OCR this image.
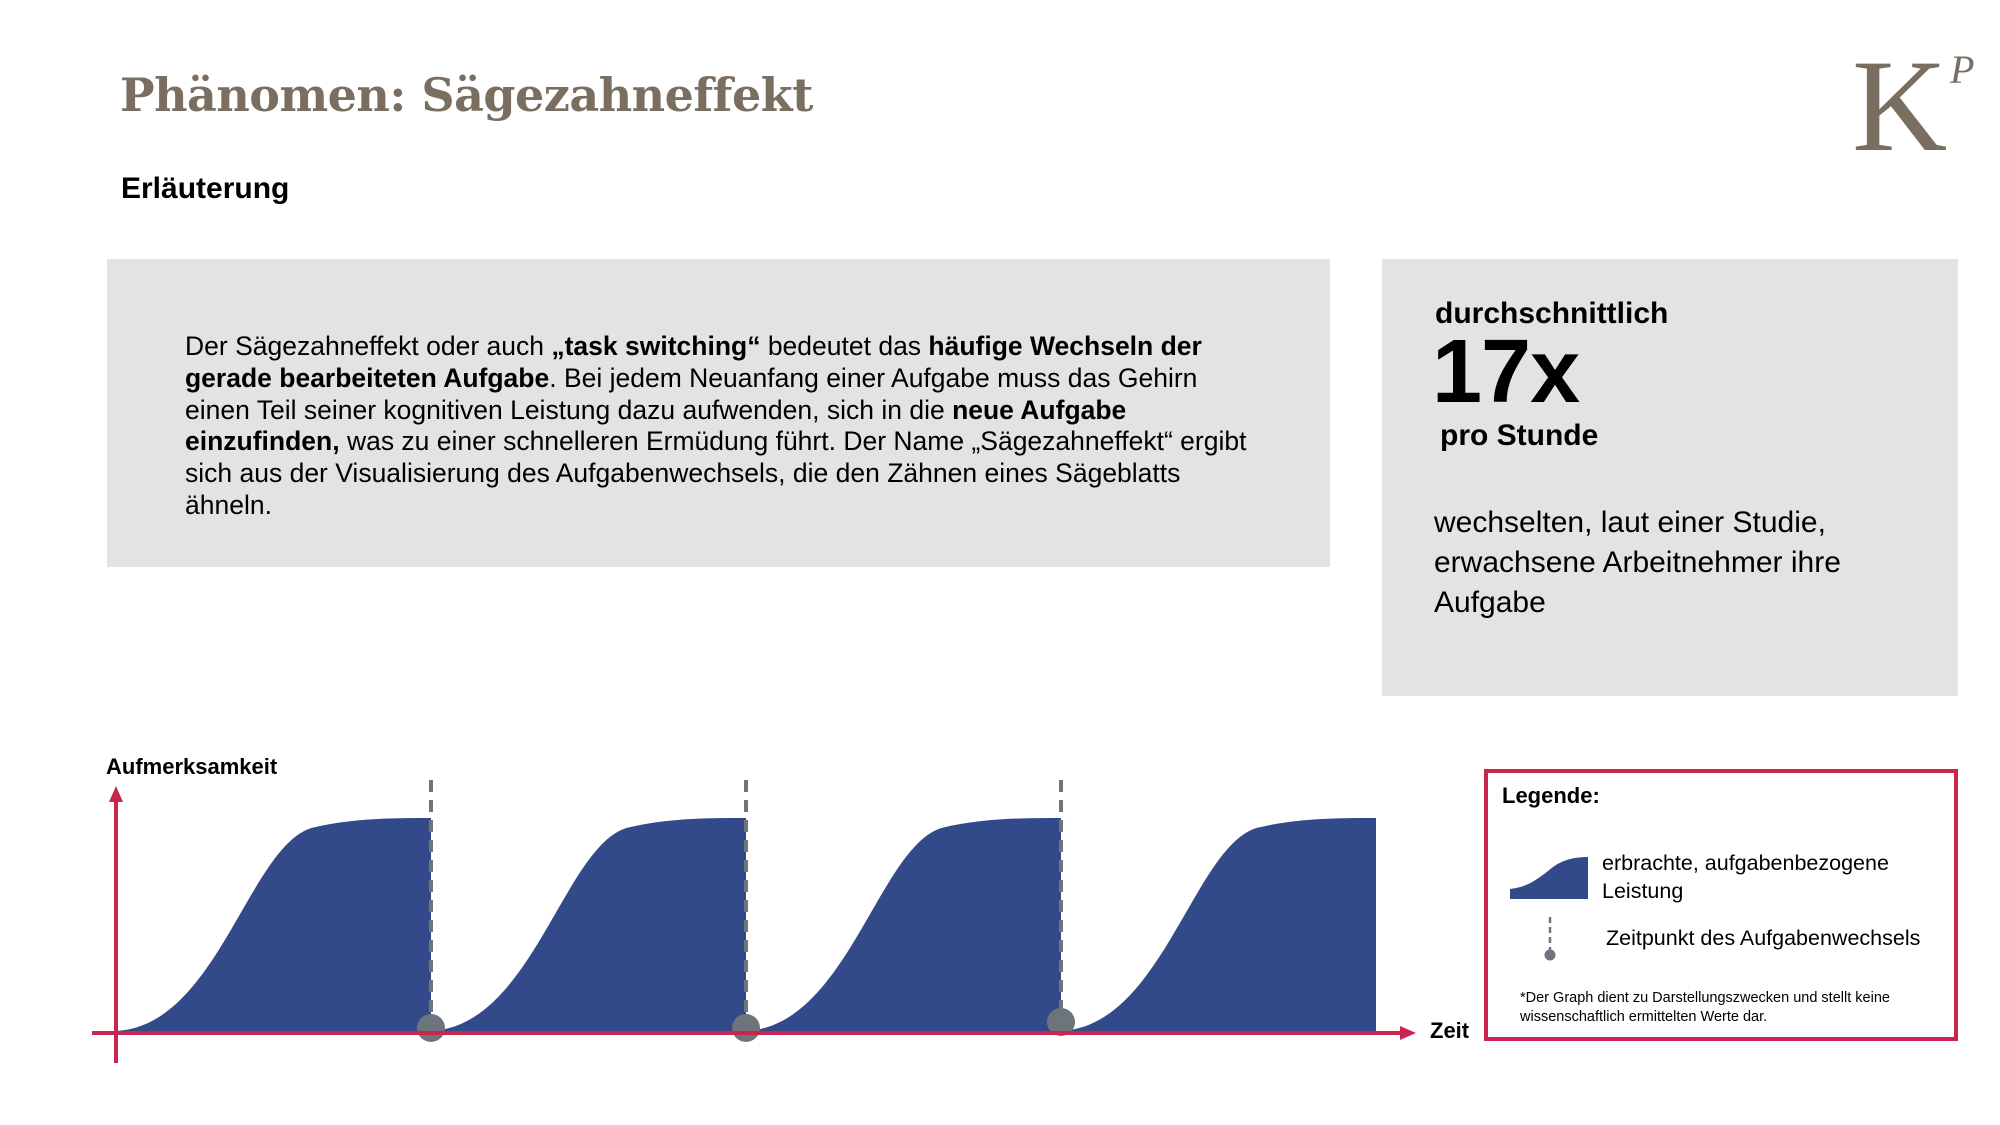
Phänomen: Sägezahneffekt	K P
Erläuterung
Der Sägezahneffekt oder auch „task switching“ bedeutet das häufige Wechseln der gerade bearbeiteten Aufgabe. Bei jedem Neuanfang einer Aufgabe muss das Gehirn einen Teil seiner kognitiven Leistung dazu aufwenden, sich in die neue Aufgabe einzufinden, was zu einer schnelleren Ermüdung führt. Der Name „Sägezahneffekt“ ergibt sich aus der Visualisierung des Aufgabenwechsels, die den Zähnen eines Sägeblatts ähneln.
durchschnittlich
17x
pro Stunde
wechselten, laut einer Studie, erwachsene Arbeitnehmer ihre Aufgabe
Aufmerksamkeit
Zeit
Legende:
erbrachte, aufgabenbezogene Leistung
Zeitpunkt des Aufgabenwechsels
*Der Graph dient zu Darstellungszwecken und stellt keine wissenschaftlich ermittelten Werte dar.
